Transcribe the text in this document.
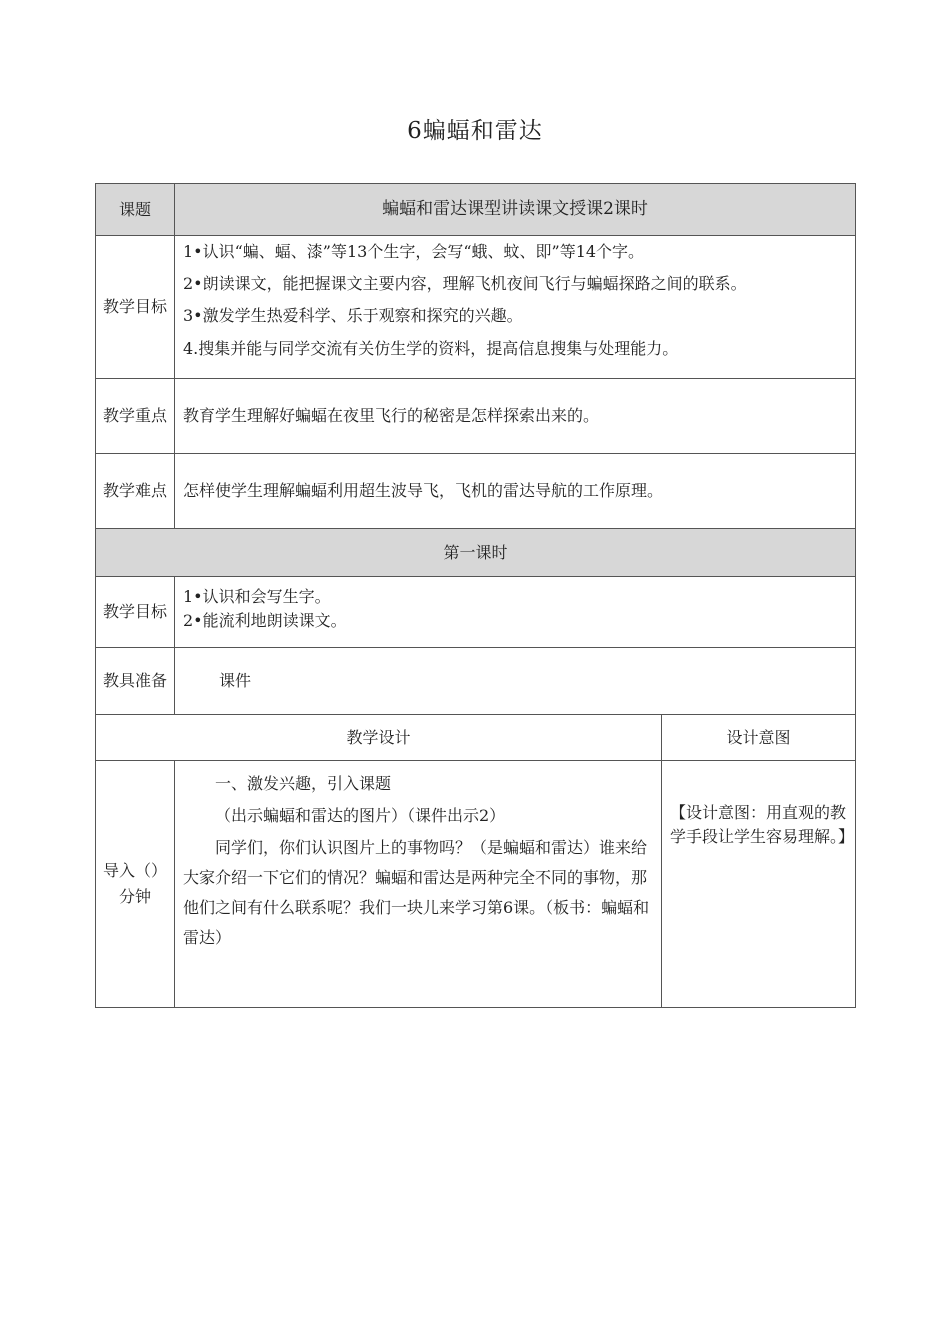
6蝙蝠和雷达
课题	蝙蝠和雷达课型讲读课文授课2课时	
教学目标	1•认识“蝙、蝠、漆”等13个生字，会写“蛾、蚊、即”等14个字。

2•朗读课文，能把握课文主要内容，理解飞机夜间飞行与蝙蝠探路之间的联系。

3•激发学生热爱科学、乐于观察和探究的兴趣。

4.搜集并能与同学交流有关仿生学的资料，提高信息搜集与处理能力。	

教学重点	教育学生理解好蝙蝠在夜里飞行的秘密是怎样探索出来的。	
教学难点	怎样使学生理解蝙蝠利用超生波导飞，飞机的雷达导航的工作原理。	
第一课时		
教学目标	1•认识和会写生字。

2•能流利地朗读课文。	

教具准备	课件	
教学设计		设计意图
导入（）分钟	一、激发兴趣，引入课题

（出示蝙蝠和雷达的图片）（课件出示2）

同学们，你们认识图片上的事物吗？（是蝙蝠和雷达）谁来给大家介绍一下它们的情况？蝙蝠和雷达是两种完全不同的事物，那他们之间有什么联系呢？我们一块儿来学习第6课。（板书：蝙蝠和雷达）	【设计意图：用直观的教学手段让学生容易理解。】
